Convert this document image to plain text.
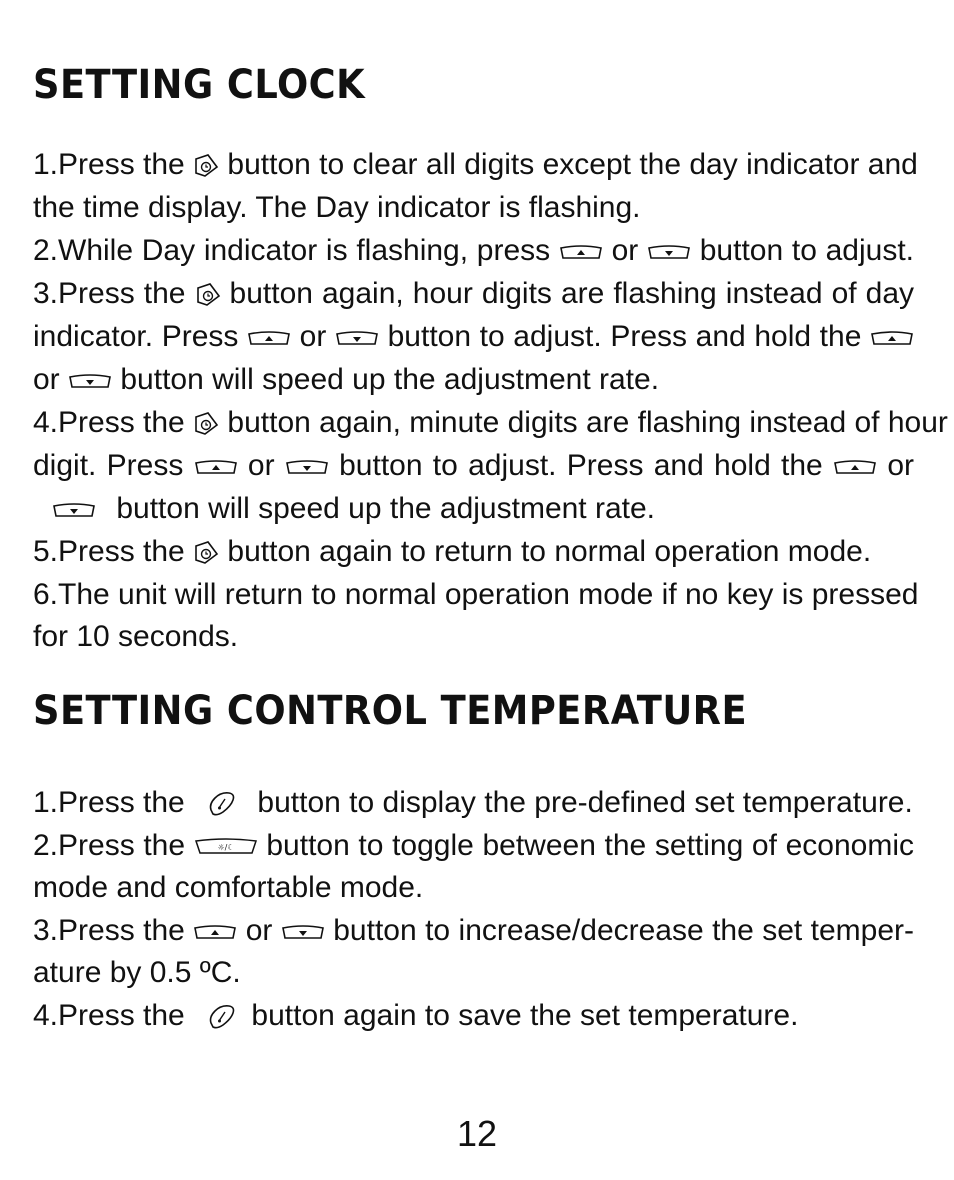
SETTING CLOCK
1.Press the  button to clear all digits except the day indicator and
the time display. The Day indicator is flashing.
2.While Day indicator is flashing, press  or  button to adjust.
3.Press the  button again, hour digits are flashing instead of day
indicator. Press  or  button to adjust. Press and hold the
or  button will speed up the adjustment rate.
4.Press the  button again, minute digits are flashing instead of hour
digit. Press  or  button to adjust. Press and hold the  or
button will speed up the adjustment rate.
5.Press the  button again to return to normal operation mode.
6.The unit will return to normal operation mode if no key is pressed
for 10 seconds.
SETTING CONTROL TEMPERATURE
1.Press the  button to display the pre-defined set temperature.
2.Press the	☼/☾ button to toggle between the setting of economic
mode and comfortable mode.
3.Press the  or  button to increase/decrease the set temper-
ature by 0.5 ºC.
4.Press the  button again to save the set temperature.
12
